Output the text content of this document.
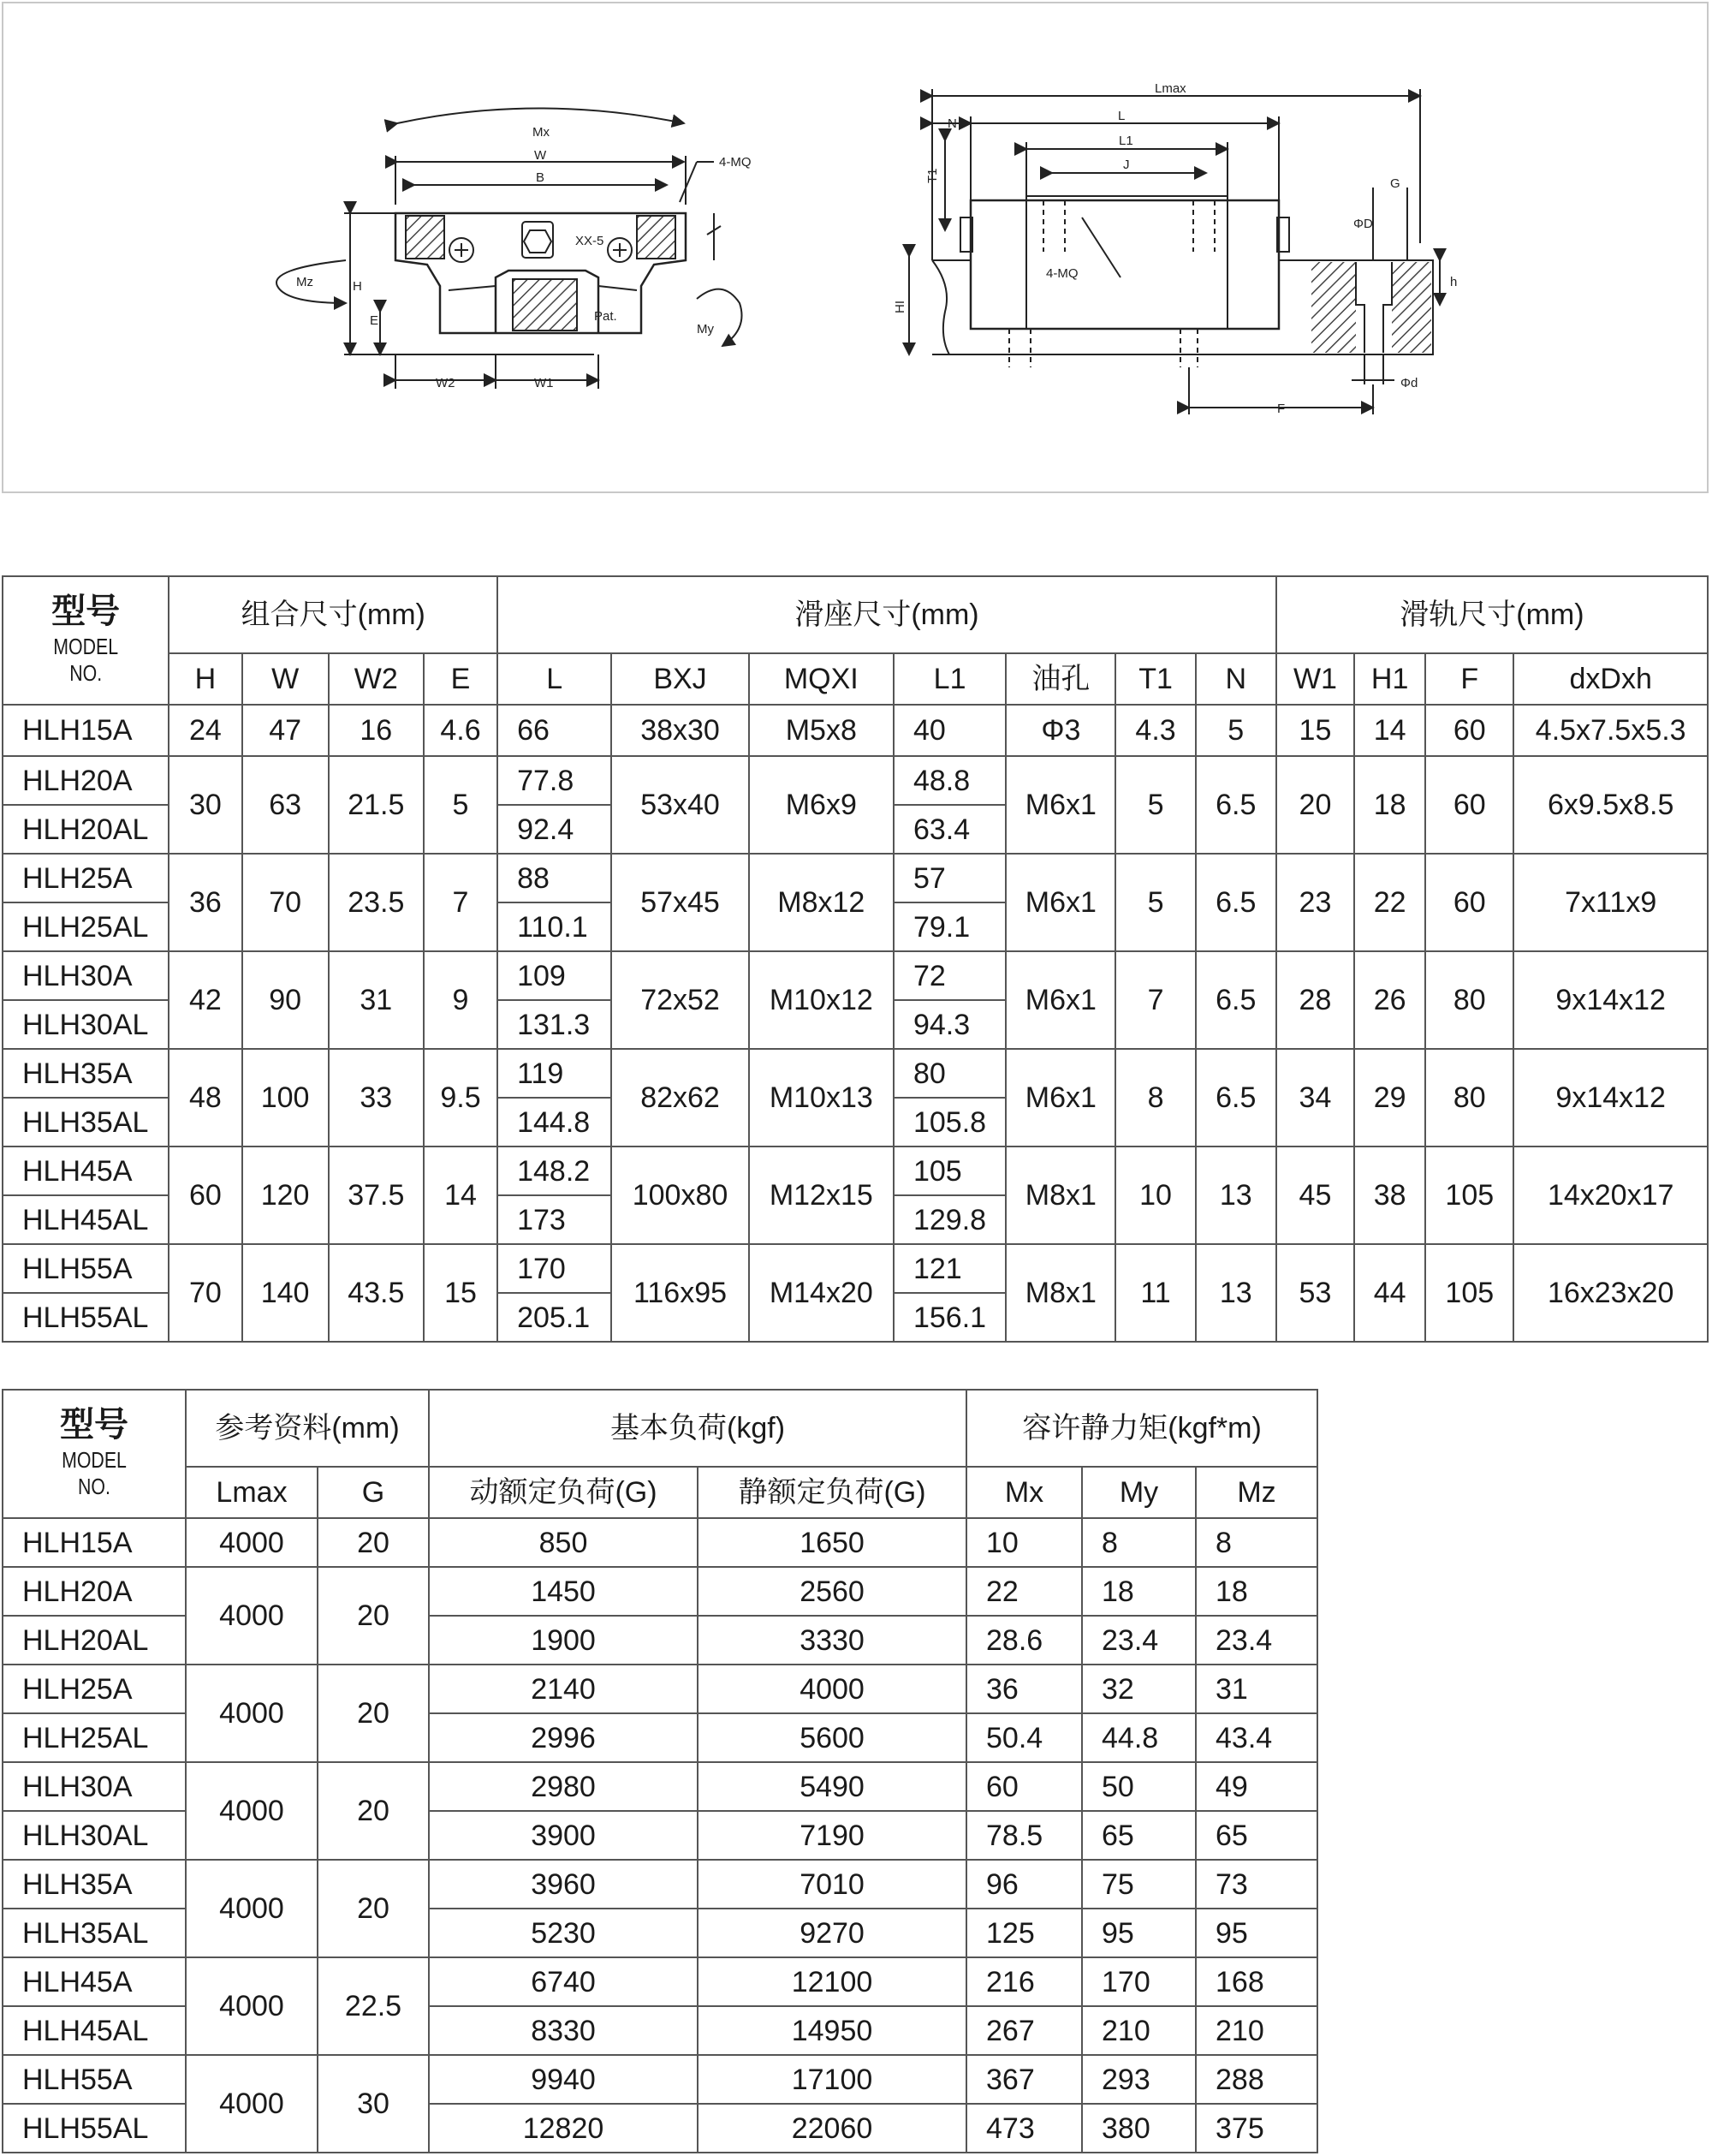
Mx
W
B
4-MQ
XX-5
Pat.
Mz	H
E
W2	W1
My
Lmax
N
L
L1
J
T1
4-MQ
HI
G
ΦD
h
Φd
F
型号
MODEL
NO.	组合尺寸(mm)				滑座尺寸(mm)							滑轨尺寸(mm)			
	H	W	W2	E	L	BXJ	MQXI	L1	油孔	T1	N	W1	H1	F	dxDxh
HLH15A	24	47	16	4.6	66	38x30	M5x8	40	Φ3	4.3	5	15	14	60	4.5x7.5x5.3
HLH20A	30	63	21.5	5	77.8	53x40	M6x9	48.8	M6x1	5	6.5	20	18	60	6x9.5x8.5
HLH20AL					92.4			63.4							
HLH25A	36	70	23.5	7	88	57x45	M8x12	57	M6x1	5	6.5	23	22	60	7x11x9
HLH25AL					110.1			79.1							
HLH30A	42	90	31	9	109	72x52	M10x12	72	M6x1	7	6.5	28	26	80	9x14x12
HLH30AL					131.3			94.3							
HLH35A	48	100	33	9.5	119	82x62	M10x13	80	M6x1	8	6.5	34	29	80	9x14x12
HLH35AL					144.8			105.8							
HLH45A	60	120	37.5	14	148.2	100x80	M12x15	105	M8x1	10	13	45	38	105	14x20x17
HLH45AL					173			129.8							
HLH55A	70	140	43.5	15	170	116x95	M14x20	121	M8x1	11	13	53	44	105	16x23x20
HLH55AL					205.1			156.1							
型号
MODEL
NO.	参考资料(mm)		基本负荷(kgf)		容许静力矩(kgf*m)		
	Lmax	G	动额定负荷(G)	静额定负荷(G)	Mx	My	Mz
HLH15A	4000	20	850	1650	10	8	8
HLH20A	4000	20	1450	2560	22	18	18
HLH20AL			1900	3330	28.6	23.4	23.4
HLH25A	4000	20	2140	4000	36	32	31
HLH25AL			2996	5600	50.4	44.8	43.4
HLH30A	4000	20	2980	5490	60	50	49
HLH30AL			3900	7190	78.5	65	65
HLH35A	4000	20	3960	7010	96	75	73
HLH35AL			5230	9270	125	95	95
HLH45A	4000	22.5	6740	12100	216	170	168
HLH45AL			8330	14950	267	210	210
HLH55A	4000	30	9940	17100	367	293	288
HLH55AL			12820	22060	473	380	375
